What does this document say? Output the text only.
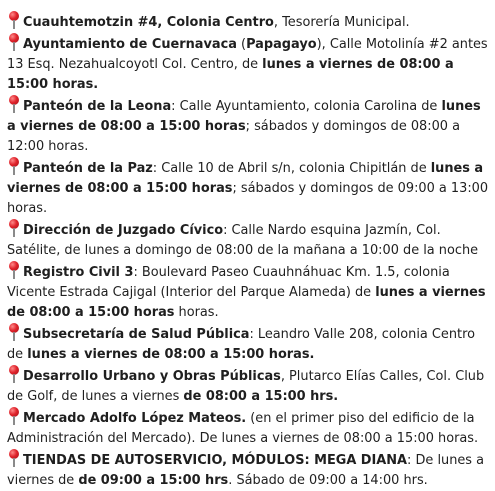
Cuauhtemotzin #4, Colonia Centro, Tesorería Municipal.

Ayuntamiento de Cuernavaca (Papagayo), Calle Motolinía #2 antes 13 Esq. Nezahualcoyotl Col. Centro, de lunes a viernes de 08:00 a 15:00 horas.

Panteón de la Leona: Calle Ayuntamiento, colonia Carolina de lunes a viernes de 08:00 a 15:00 horas; sábados y domingos de 08:00 a 12:00 horas.

Panteón de la Paz: Calle 10 de Abril s/n, colonia Chipitlán de lunes a viernes de 08:00 a 15:00 horas; sábados y domingos de 09:00 a 13:00 horas.

Dirección de Juzgado Cívico: Calle Nardo esquina Jazmín, Col. Satélite, de lunes a domingo de 08:00 de la mañana a 10:00 de la noche

Registro Civil 3: Boulevard Paseo Cuauhnáhuac Km. 1.5, colonia Vicente Estrada Cajigal (Interior del Parque Alameda) de lunes a viernes de 08:00 a 15:00 horas horas.

Subsecretaría de Salud Pública: Leandro Valle 208, colonia Centro de lunes a viernes de 08:00 a 15:00 horas.

Desarrollo Urbano y Obras Públicas, Plutarco Elías Calles, Col. Club de Golf, de lunes a viernes de 08:00 a 15:00 hrs.

Mercado Adolfo López Mateos. (en el primer piso del edificio de la Administración del Mercado). De lunes a viernes de 08:00 a 15:00 horas.

TIENDAS DE AUTOSERVICIO, MÓDULOS: MEGA DIANA: De lunes a viernes de de 09:00 a 15:00 hrs. Sábado de 09:00 a 14:00 hrs.
